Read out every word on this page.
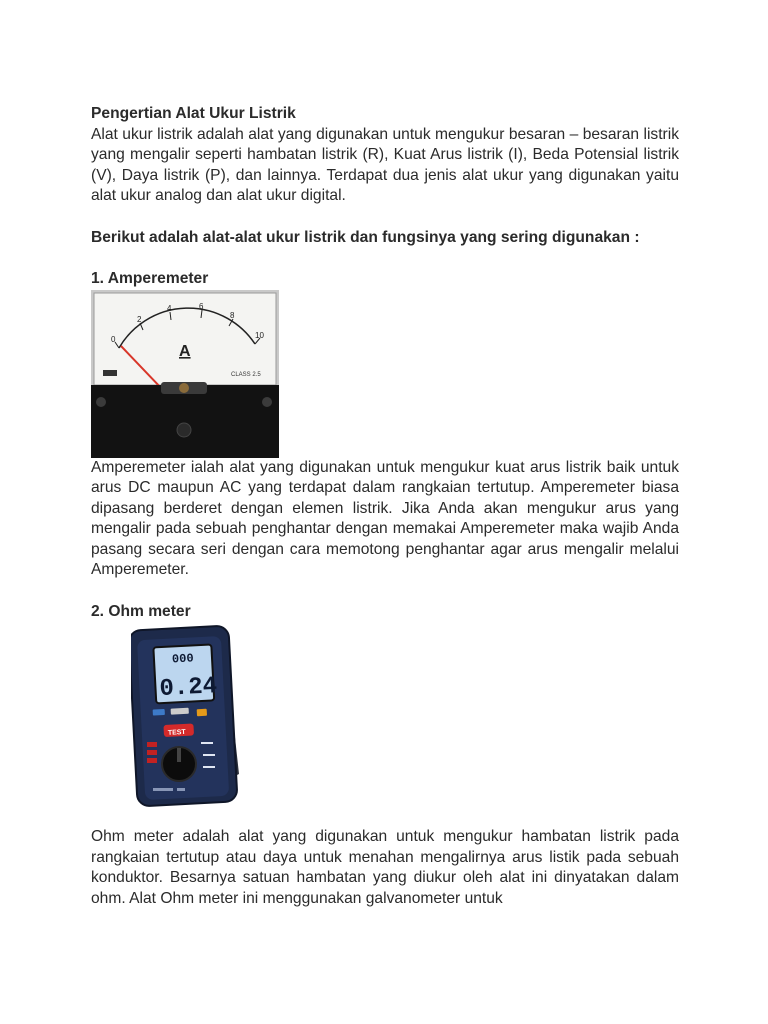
Pengertian Alat Ukur Listrik

Alat ukur listrik adalah alat yang digunakan untuk mengukur besaran – besaran listrik yang mengalir seperti hambatan listrik (R), Kuat Arus listrik (I), Beda Potensial listrik (V), Daya listrik (P), dan lainnya. Terdapat dua jenis alat ukur yang digunakan yaitu alat ukur analog dan alat ukur digital.

Berikut adalah alat-alat ukur listrik dan fungsinya yang sering digunakan :

1. Amperemeter

0
2
4	6
8
10
A
CLASS 2.5

Amperemeter ialah alat yang digunakan untuk mengukur kuat arus listrik baik untuk arus DC maupun AC yang terdapat dalam rangkaian tertutup. Amperemeter biasa dipasang berderet dengan elemen listrik. Jika Anda akan mengukur arus yang mengalir pada sebuah penghantar dengan memakai Amperemeter maka wajib Anda pasang secara seri dengan cara memotong penghantar agar arus mengalir melalui Amperemeter.

2. Ohm meter

000
0.24
TEST

Ohm meter adalah alat yang digunakan untuk mengukur hambatan listrik pada rangkaian tertutup atau daya untuk menahan mengalirnya arus listik pada sebuah konduktor. Besarnya satuan hambatan yang diukur oleh alat ini dinyatakan dalam ohm. Alat Ohm meter ini menggunakan galvanometer untuk
